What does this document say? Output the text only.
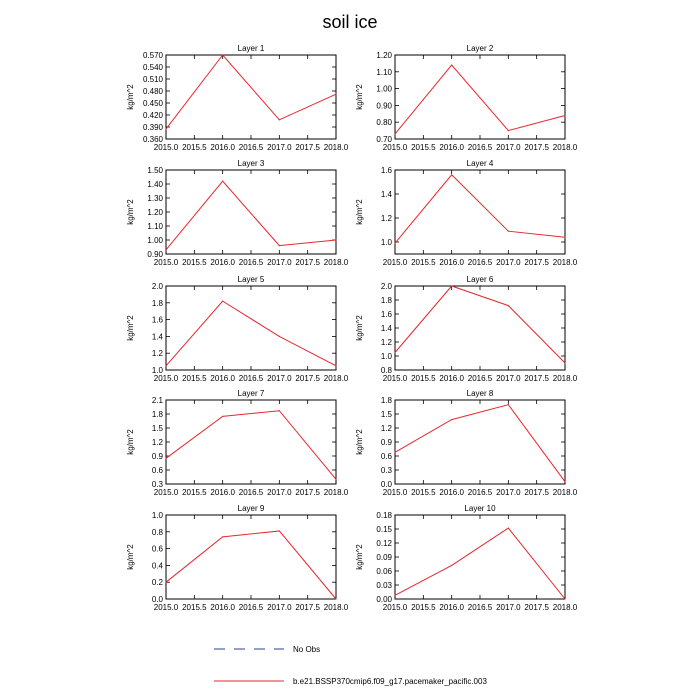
soil ice
Layer 1
0.360
0.390
0.420
0.450
0.480
0.510
0.540
0.570
2015.0 2015.5 2016.0 2016.5 2017.0 2017.5 2018.0
kg/m^2
Layer 2
0.70
0.80
0.90
1.00
1.10
1.20
2015.0 2015.5 2016.0 2016.5 2017.0 2017.5 2018.0
kg/m^2
Layer 3
0.90
1.00
1.10
1.20
1.30
1.40
1.50
2015.0 2015.5 2016.0 2016.5 2017.0 2017.5 2018.0
kg/m^2
Layer 4
1.0
1.2
1.4
1.6
2015.0 2015.5 2016.0 2016.5 2017.0 2017.5 2018.0
kg/m^2
Layer 5
1.0
1.2
1.4
1.6
1.8
2.0
2015.0 2015.5 2016.0 2016.5 2017.0 2017.5 2018.0
kg/m^2
Layer 6
0.8
1.0
1.2
1.4
1.6
1.8
2.0
2015.0 2015.5 2016.0 2016.5 2017.0 2017.5 2018.0
kg/m^2
Layer 7
0.3
0.6
0.9
1.2
1.5
1.8
2.1
2015.0 2015.5 2016.0 2016.5 2017.0 2017.5 2018.0
kg/m^2
Layer 8
0.0
0.3
0.6
0.9
1.2
1.5
1.8
2015.0 2015.5 2016.0 2016.5 2017.0 2017.5 2018.0
kg/m^2
Layer 9
0.0
0.2
0.4
0.6
0.8
1.0
2015.0 2015.5 2016.0 2016.5 2017.0 2017.5 2018.0
kg/m^2
Layer 10
0.00
0.03
0.06
0.09
0.12
0.15
0.18
2015.0 2015.5 2016.0 2016.5 2017.0 2017.5 2018.0
kg/m^2
No Obs
b.e21.BSSP370cmip6.f09_g17.pacemaker_pacific.003
